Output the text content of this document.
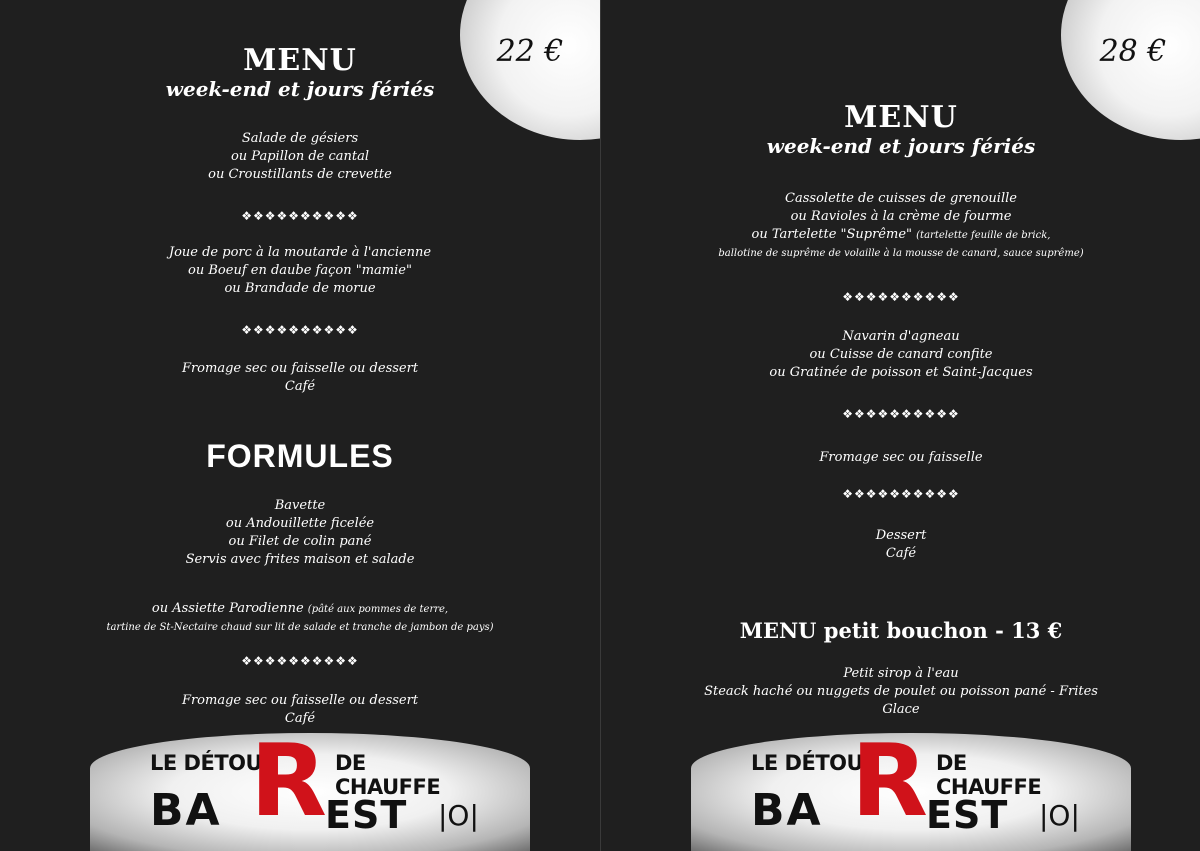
22 €
MENU
week-end et jours fériés
Salade de gésiers
ou Papillon de cantal
ou Croustillants de crevette
❖❖❖❖❖❖❖❖❖❖
Joue de porc à la moutarde à l'ancienne
ou Boeuf en daube façon "mamie"
ou Brandade de morue
❖❖❖❖❖❖❖❖❖❖
Fromage sec ou faisselle ou dessert
Café
FORMULES
Bavette
ou Andouillette ficelée
ou Filet de colin pané
Servis avec frites maison et salade
ou Assiette Parodienne (pâté aux pommes de terre,
tartine de St-Nectaire chaud sur lit de salade et tranche de jambon de pays)
❖❖❖❖❖❖❖❖❖❖
Fromage sec ou faisselle ou dessert
Café
LE DÉTOU
R DE CHAUFFE
BA	EST |O|
28 €
MENU
week-end et jours fériés
Cassolette de cuisses de grenouille
ou Ravioles à la crème de fourme
ou Tartelette "Suprême" (tartelette feuille de brick,
ballotine de suprême de volaille à la mousse de canard, sauce suprême)
❖❖❖❖❖❖❖❖❖❖
Navarin d'agneau
ou Cuisse de canard confite
ou Gratinée de poisson et Saint-Jacques
❖❖❖❖❖❖❖❖❖❖
Fromage sec ou faisselle
❖❖❖❖❖❖❖❖❖❖
Dessert
Café
MENU petit bouchon - 13 €
Petit sirop à l'eau
Steack haché ou nuggets de poulet ou poisson pané - Frites
Glace
LE DÉTOU
R DE CHAUFFE
BA	EST |O|
